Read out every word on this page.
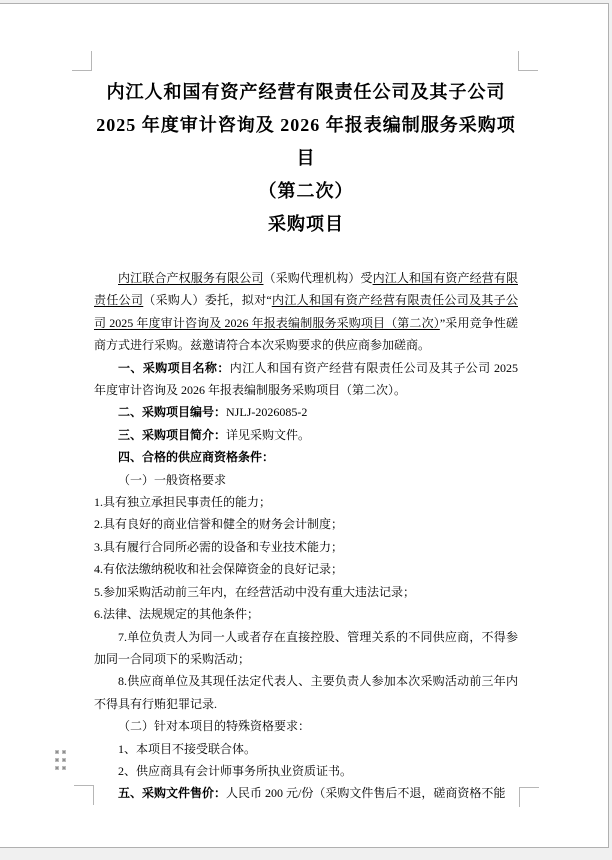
内江人和国有资产经营有限责任公司及其子公司
2025 年度审计咨询及 2026 年报表编制服务采购项目
（第二次）
采购项目

内江联合产权服务有限公司（采购代理机构）受内江人和国有资产经营有限责任公司（采购人）委托，拟对“内江人和国有资产经营有限责任公司及其子公司 2025 年度审计咨询及 2026 年报表编制服务采购项目（第二次）”采用竞争性磋商方式进行采购。兹邀请符合本次采购要求的供应商参加磋商。

一、采购项目名称：内江人和国有资产经营有限责任公司及其子公司 2025 年度审计咨询及 2026 年报表编制服务采购项目（第二次）。

二、采购项目编号：NJLJ-2026085-2

三、采购项目简介：详见采购文件。

四、合格的供应商资格条件：

（一）一般资格要求

1.具有独立承担民事责任的能力；

2.具有良好的商业信誉和健全的财务会计制度；

3.具有履行合同所必需的设备和专业技术能力；

4.有依法缴纳税收和社会保障资金的良好记录；

5.参加采购活动前三年内，在经营活动中没有重大违法记录；

6.法律、法规规定的其他条件；

7.单位负责人为同一人或者存在直接控股、管理关系的不同供应商，不得参加同一合同项下的采购活动；

8.供应商单位及其现任法定代表人、主要负责人参加本次采购活动前三年内不得具有行贿犯罪记录.

（二）针对本项目的特殊资格要求：

1、本项目不接受联合体。

2、供应商具有会计师事务所执业资质证书。

五、采购文件售价：人民币 200 元/份（采购文件售后不退，磋商资格不能
